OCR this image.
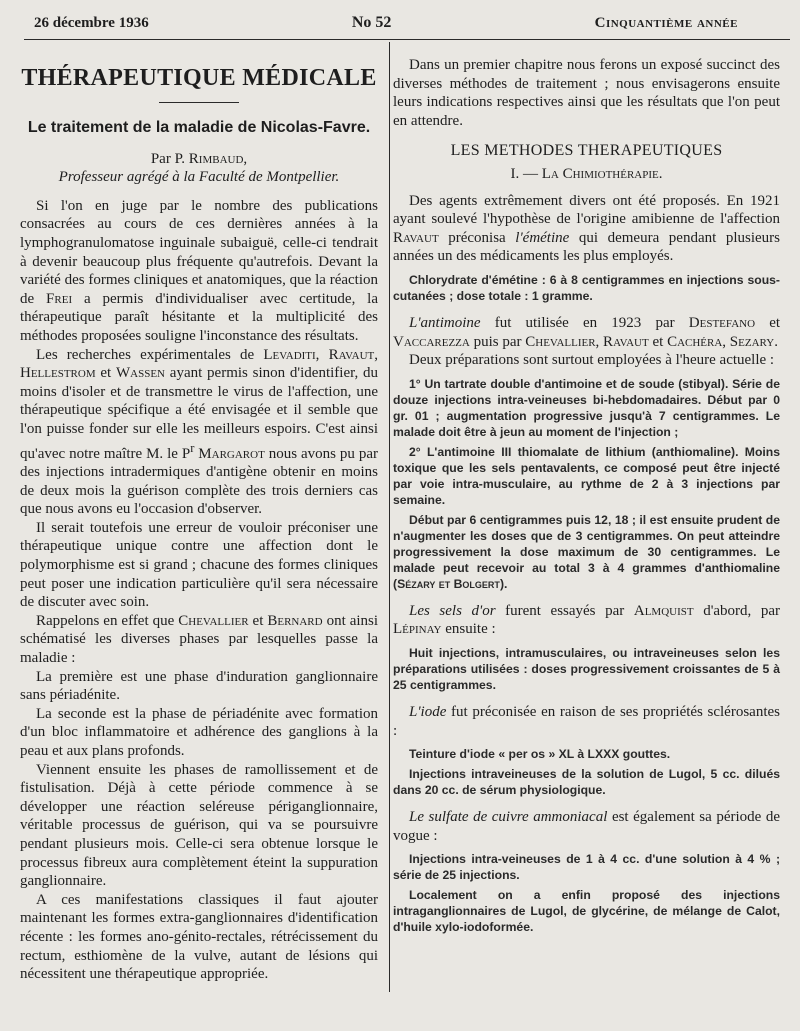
26 décembre 1936	No 52	Cinquantième année
THÉRAPEUTIQUE MÉDICALE
Le traitement de la maladie de Nicolas-Favre.
Par P. Rimbaud,
Professeur agrégé à la Faculté de Montpellier.

Si l'on en juge par le nombre des publications consacrées au cours de ces dernières années à la lymphogranulomatose inguinale subaiguë, celle-ci tendrait à devenir beaucoup plus fréquente qu'autrefois. Devant la variété des formes cliniques et anatomiques, que la réaction de Frei a permis d'individualiser avec certitude, la thérapeutique paraît hésitante et la multiplicité des méthodes proposées souligne l'inconstance des résultats.

Les recherches expérimentales de Levaditi, Ravaut, Hellestrom et Wassen ayant permis sinon d'identifier, du moins d'isoler et de transmettre le virus de l'affection, une thérapeutique spécifique a été envisagée et il semble que l'on puisse fonder sur elle les meilleurs espoirs. C'est ainsi qu'avec notre maître M. le $P^r$ Margarot nous avons pu par des injections intradermiques d'antigène obtenir en moins de deux mois la guérison complète des trois derniers cas que nous avons eu l'occasion d'observer.

Il serait toutefois une erreur de vouloir préconiser une thérapeutique unique contre une affection dont le polymorphisme est si grand ; chacune des formes cliniques peut poser une indication particulière qu'il sera nécessaire de discuter avec soin.

Rappelons en effet que Chevallier et Bernard ont ainsi schématisé les diverses phases par lesquelles passe la maladie :

La première est une phase d'induration ganglionnaire sans périadénite.

La seconde est la phase de périadénite avec formation d'un bloc inflammatoire et adhérence des ganglions à la peau et aux plans profonds.

Viennent ensuite les phases de ramollissement et de fistulisation. Déjà à cette période commence à se développer une réaction seléreuse périganglionnaire, véritable processus de guérison, qui va se poursuivre pendant plusieurs mois. Celle-ci sera obtenue lorsque le processus fibreux aura complètement éteint la suppuration ganglionnaire.

A ces manifestations classiques il faut ajouter maintenant les formes extra-ganglionnaires d'identification récente : les formes ano-génito-rectales, rétrécissement du rectum, esthiomène de la vulve, autant de lésions qui nécessitent une thérapeutique appropriée.

Dans un premier chapitre nous ferons un exposé succinct des diverses méthodes de traitement ; nous envisagerons ensuite leurs indications respectives ainsi que les résultats que l'on peut en attendre.

LES METHODES THERAPEUTIQUES
I. — La Chimiothérapie.

Des agents extrêmement divers ont été proposés. En 1921 ayant soulevé l'hypothèse de l'origine amibienne de l'affection Ravaut préconisa l'émétine qui demeura pendant plusieurs années un des médicaments les plus employés.

Chlorydrate d'émétine : 6 à 8 centigrammes en injections sous-cutanées ; dose totale : 1 gramme.

L'antimoine fut utilisée en 1923 par Destefano et Vaccarezza puis par Chevallier, Ravaut et Cachéra, Sezary.

Deux préparations sont surtout employées à l'heure actuelle :

1° Un tartrate double d'antimoine et de soude (stibyal). Série de douze injections intra-veineuses bi-hebdomadaires. Début par 0 gr. 01 ; augmentation progressive jusqu'à 7 centigrammes. Le malade doit être à jeun au moment de l'injection ;

2° L'antimoine III thiomalate de lithium (anthiomaline). Moins toxique que les sels pentavalents, ce composé peut être injecté par voie intra-musculaire, au rythme de 2 à 3 injections par semaine.

Début par 6 centigrammes puis 12, 18 ; il est ensuite prudent de n'augmenter les doses que de 3 centigrammes. On peut atteindre progressivement la dose maximum de 30 centigrammes. Le malade peut recevoir au total 3 à 4 grammes d'anthiomaline (Sézary et Bolgert).

Les sels d'or furent essayés par Almquist d'abord, par Lépinay ensuite :

Huit injections, intramusculaires, ou intraveineuses selon les préparations utilisées : doses progressivement croissantes de 5 à 25 centigrammes.

L'iode fut préconisée en raison de ses propriétés sclérosantes :

Teinture d'iode « per os » XL à LXXX gouttes.

Injections intraveineuses de la solution de Lugol, 5 cc. dilués dans 20 cc. de sérum physiologique.

Le sulfate de cuivre ammoniacal est également sa période de vogue :

Injections intra-veineuses de 1 à 4 cc. d'une solution à 4 % ; série de 25 injections.

Localement on a enfin proposé des injections intraganglionnaires de Lugol, de glycérine, de mélange de Calot, d'huile xylo-iodoformée.
